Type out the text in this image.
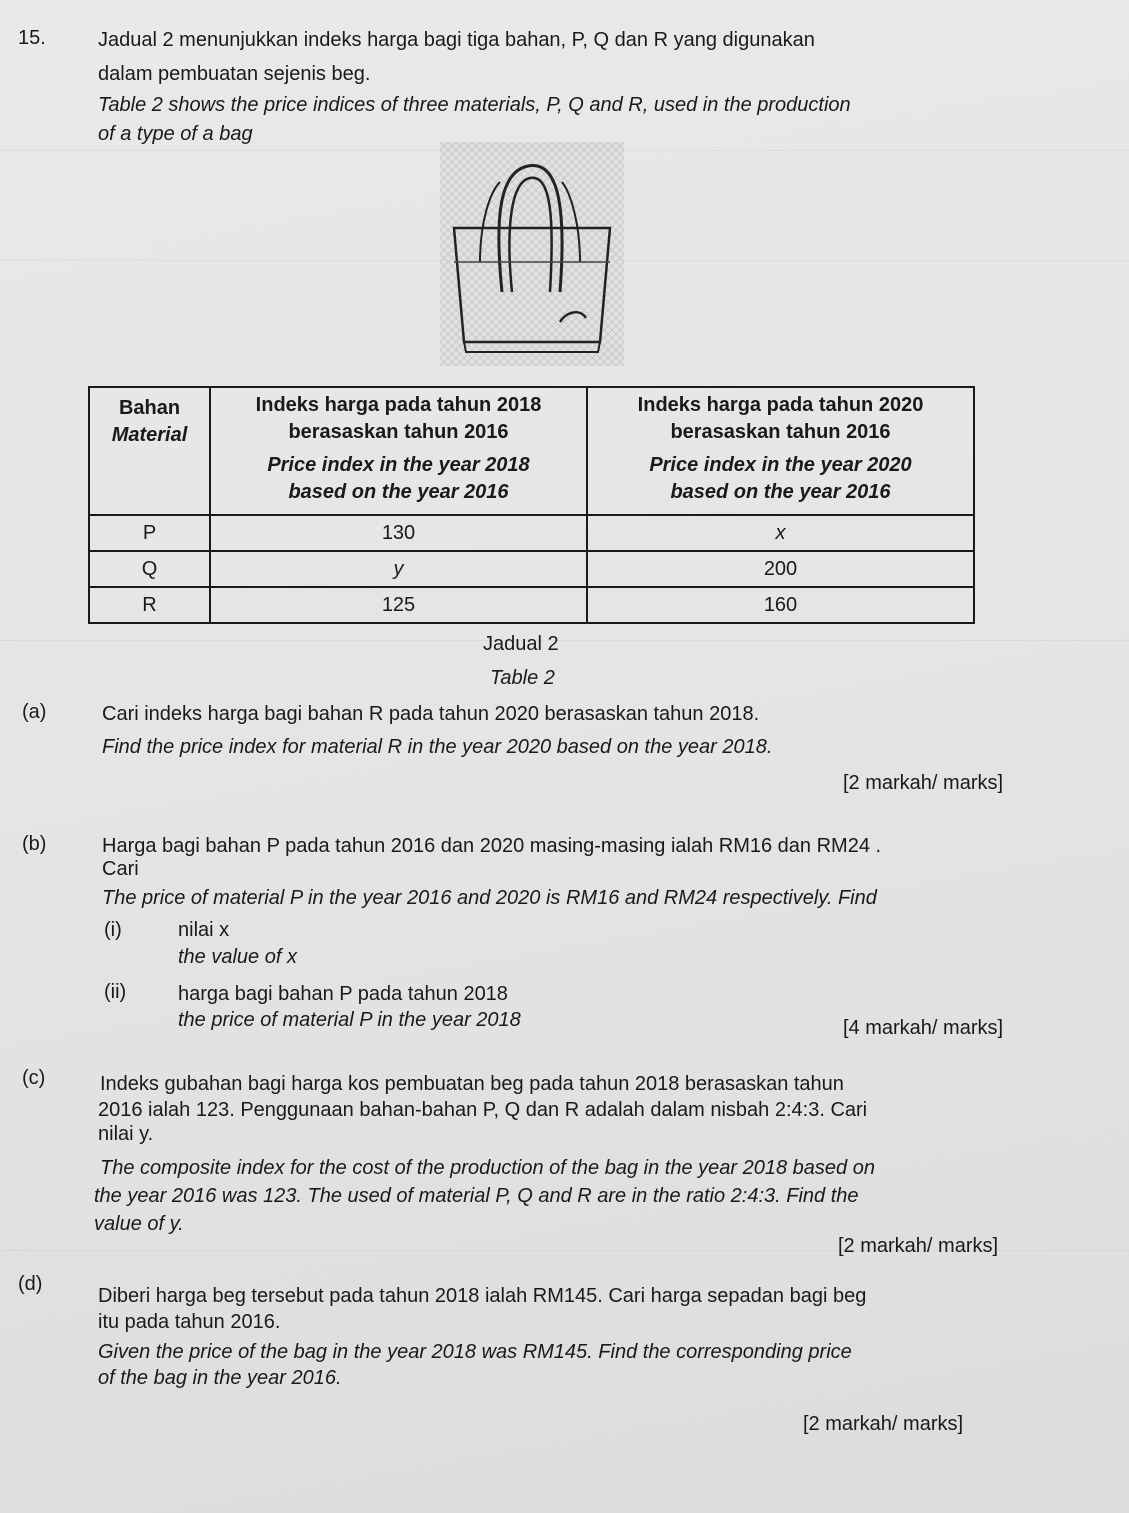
15.	Jadual 2 menunjukkan indeks harga bagi tiga bahan, P, Q dan R yang digunakan
dalam pembuatan sejenis beg.
Table 2 shows the price indices of three materials, P, Q and R, used in the production
of a type of a bag
Bahan
Material	Indeks harga pada tahun 2018
berasaskan tahun 2016
Price index in the year 2018
based on the year 2016	Indeks harga pada tahun 2020
berasaskan tahun 2016
Price index in the year 2020
based on the year 2016

P	130	x
Q	y	200
R	125	160
Jadual 2
Table 2
(a)	Cari indeks harga bagi bahan R pada tahun 2020 berasaskan tahun 2018.
Find the price index for material R in the year 2020 based on the year 2018.
[2 markah/ marks]
(b)	Harga bagi bahan P pada tahun 2016 dan 2020 masing-masing ialah RM16 dan RM24 .
Cari
The price of material P in the year 2016 and 2020 is RM16 and RM24 respectively. Find
(i)	nilai x
the value of x
(ii)	harga bagi bahan P pada tahun 2018
the price of material P in the year 2018	[4 markah/ marks]
(c)	Indeks gubahan bagi harga kos pembuatan beg pada tahun 2018 berasaskan tahun
2016 ialah 123. Penggunaan bahan-bahan P, Q dan R adalah dalam nisbah 2:4:3. Cari
nilai y.
The composite index for the cost of the production of the bag in the year 2018 based on
the year 2016 was 123. The used of material P, Q and R are in the ratio 2:4:3. Find the
value of y.
[2 markah/ marks]
(d)
Diberi harga beg tersebut pada tahun 2018 ialah RM145. Cari harga sepadan bagi beg
itu pada tahun 2016.
Given the price of the bag in the year 2018 was RM145. Find the corresponding price
of the bag in the year 2016.
[2 markah/ marks]
